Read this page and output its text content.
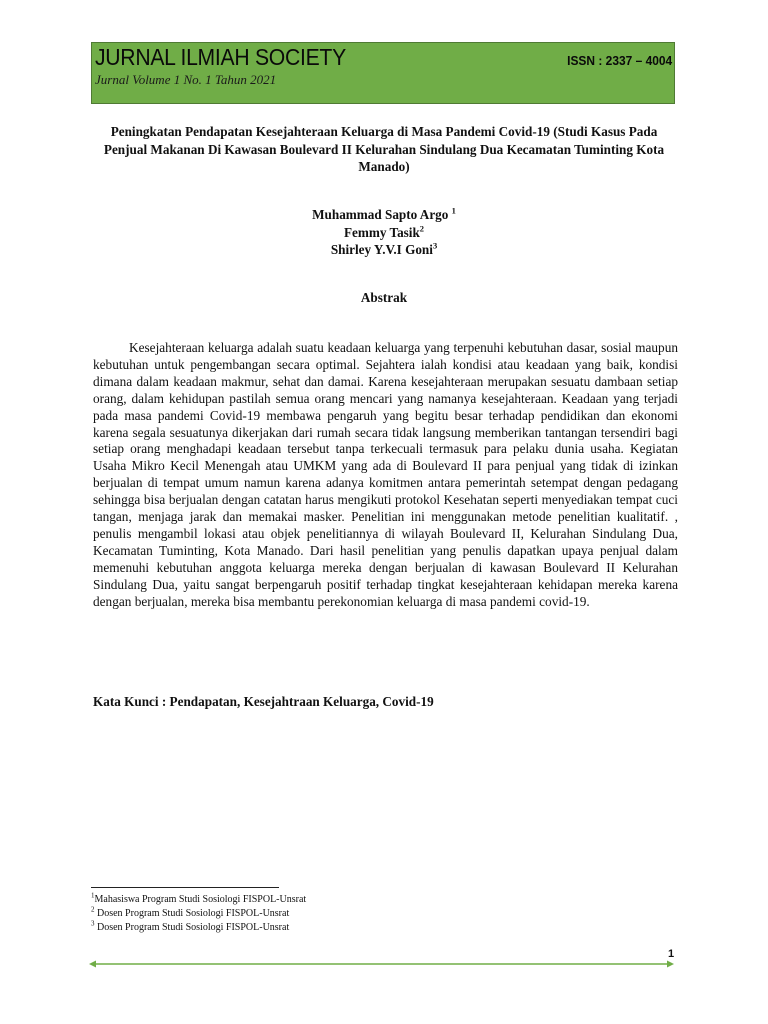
JURNAL ILMIAH SOCIETY	ISSN : 2337 – 4004
Jurnal Volume 1 No. 1 Tahun 2021
Peningkatan Pendapatan Kesejahteraan Keluarga di Masa Pandemi Covid-19 (Studi Kasus Pada Penjual Makanan Di Kawasan Boulevard II Kelurahan Sindulang Dua Kecamatan Tuminting Kota Manado)
Muhammad Sapto Argo $^1$
Femmy Tasik$^2$
Shirley Y.V.I Goni$^3$
Abstrak

Kesejahteraan keluarga adalah suatu keadaan keluarga yang terpenuhi kebutuhan dasar, sosial maupun kebutuhan untuk pengembangan secara optimal. Sejahtera ialah kondisi atau keadaan yang baik, kondisi dimana dalam keadaan makmur, sehat dan damai. Karena kesejahteraan merupakan sesuatu dambaan setiap orang, dalam kehidupan pastilah semua orang mencari yang namanya kesejahteraan. Keadaan yang terjadi pada masa pandemi Covid-19 membawa pengaruh yang begitu besar terhadap pendidikan dan ekonomi karena segala sesuatunya dikerjakan dari rumah secara tidak langsung memberikan tantangan tersendiri bagi setiap orang menghadapi keadaan tersebut tanpa terkecuali termasuk para pelaku dunia usaha. Kegiatan Usaha Mikro Kecil Menengah atau UMKM yang ada di Boulevard II para penjual yang tidak di izinkan berjualan di tempat umum namun karena adanya komitmen antara pemerintah setempat dengan pedagang sehingga bisa berjualan dengan catatan harus mengikuti protokol Kesehatan seperti menyediakan tempat cuci tangan, menjaga jarak dan memakai masker. Penelitian ini menggunakan metode penelitian kualitatif. , penulis mengambil lokasi atau objek penelitiannya di wilayah Boulevard II, Kelurahan Sindulang Dua, Kecamatan Tuminting, Kota Manado. Dari hasil penelitian yang penulis dapatkan upaya penjual dalam memenuhi kebutuhan anggota keluarga mereka dengan berjualan di kawasan Boulevard II Kelurahan Sindulang Dua, yaitu sangat berpengaruh positif terhadap tingkat kesejahteraan kehidapan mereka karena dengan berjualan, mereka bisa membantu perekonomian keluarga di masa pandemi covid-19.

Kata Kunci : Pendapatan, Kesejahtraan Keluarga, Covid-19
$^1$Mahasiswa Program Studi Sosiologi FISPOL-Unsrat
$^2$ Dosen Program Studi Sosiologi FISPOL-Unsrat
$^3$ Dosen Program Studi Sosiologi FISPOL-Unsrat
1
